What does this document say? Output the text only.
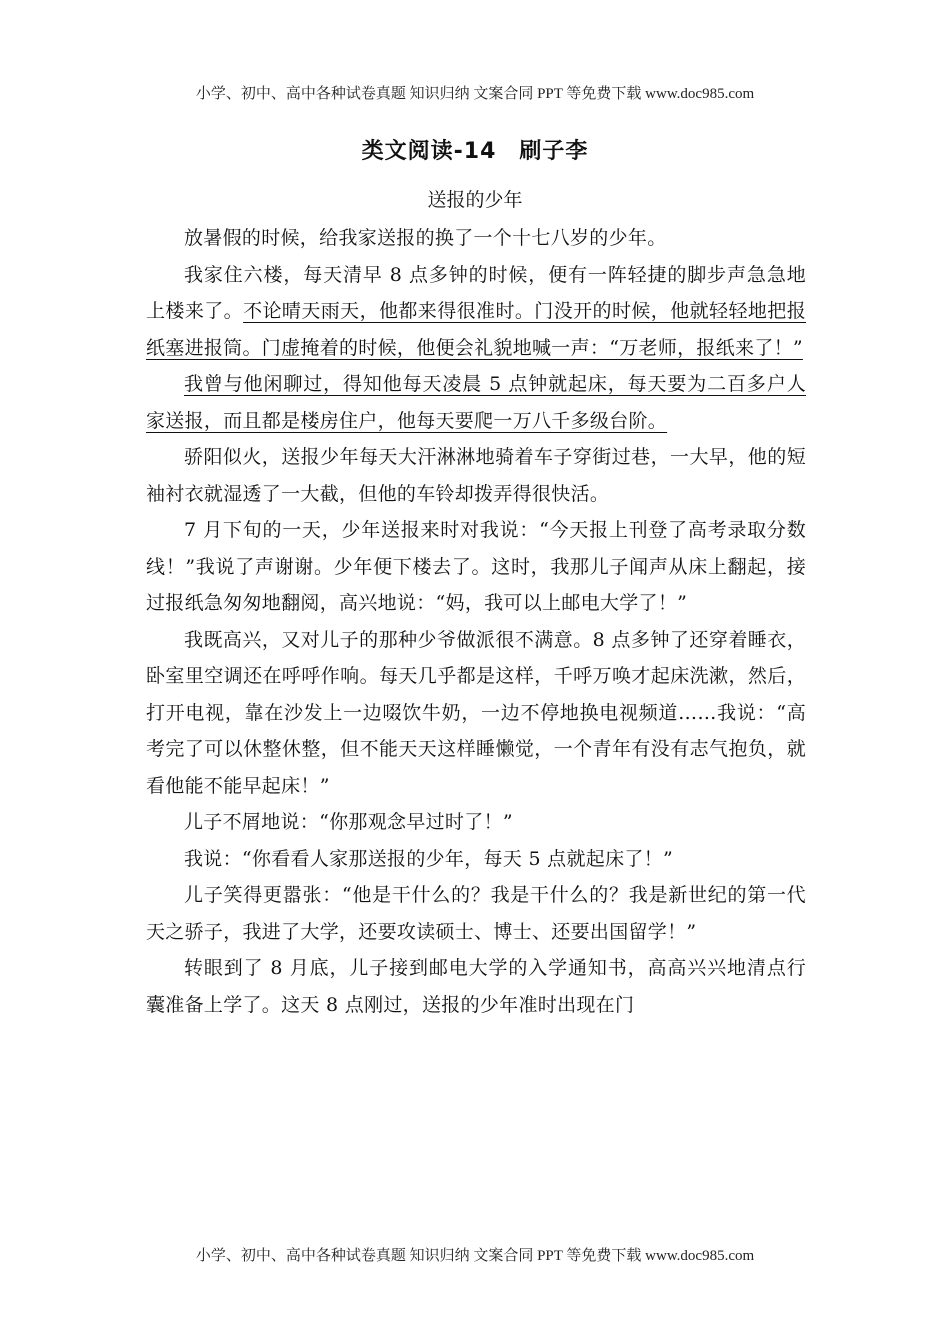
小学、初中、高中各种试卷真题 知识归纳 文案合同 PPT 等免费下载 www.doc985.com
类文阅读-14　刷子李
送报的少年

放暑假的时候，给我家送报的换了一个十七八岁的少年。

我家住六楼，每天清早 8 点多钟的时候，便有一阵轻捷的脚步声急急地上楼来了。不论晴天雨天，他都来得很准时。门没开的时候，他就轻轻地把报纸塞进报筒。门虚掩着的时候，他便会礼貌地喊一声：“万老师，报纸来了！”

我曾与他闲聊过，得知他每天凌晨 5 点钟就起床，每天要为二百多户人家送报，而且都是楼房住户，他每天要爬一万八千多级台阶。

骄阳似火，送报少年每天大汗淋淋地骑着车子穿街过巷，一大早，他的短袖衬衣就湿透了一大截，但他的车铃却拨弄得很快活。

7 月下旬的一天，少年送报来时对我说：“今天报上刊登了高考录取分数线！”我说了声谢谢。少年便下楼去了。这时，我那儿子闻声从床上翻起，接过报纸急匆匆地翻阅，高兴地说：“妈，我可以上邮电大学了！”

我既高兴，又对儿子的那种少爷做派很不满意。8 点多钟了还穿着睡衣，卧室里空调还在呼呼作响。每天几乎都是这样，千呼万唤才起床洗漱，然后，打开电视，靠在沙发上一边啜饮牛奶，一边不停地换电视频道……我说：“高考完了可以休整休整，但不能天天这样睡懒觉，一个青年有没有志气抱负，就看他能不能早起床！”

儿子不屑地说：“你那观念早过时了！”

我说：“你看看人家那送报的少年，每天 5 点就起床了！”

儿子笑得更嚣张：“他是干什么的？我是干什么的？我是新世纪的第一代天之骄子，我进了大学，还要攻读硕士、博士、还要出国留学！”

转眼到了 8 月底，儿子接到邮电大学的入学通知书，高高兴兴地清点行囊准备上学了。这天 8 点刚过，送报的少年准时出现在门

小学、初中、高中各种试卷真题 知识归纳 文案合同 PPT 等免费下载 www.doc985.com
